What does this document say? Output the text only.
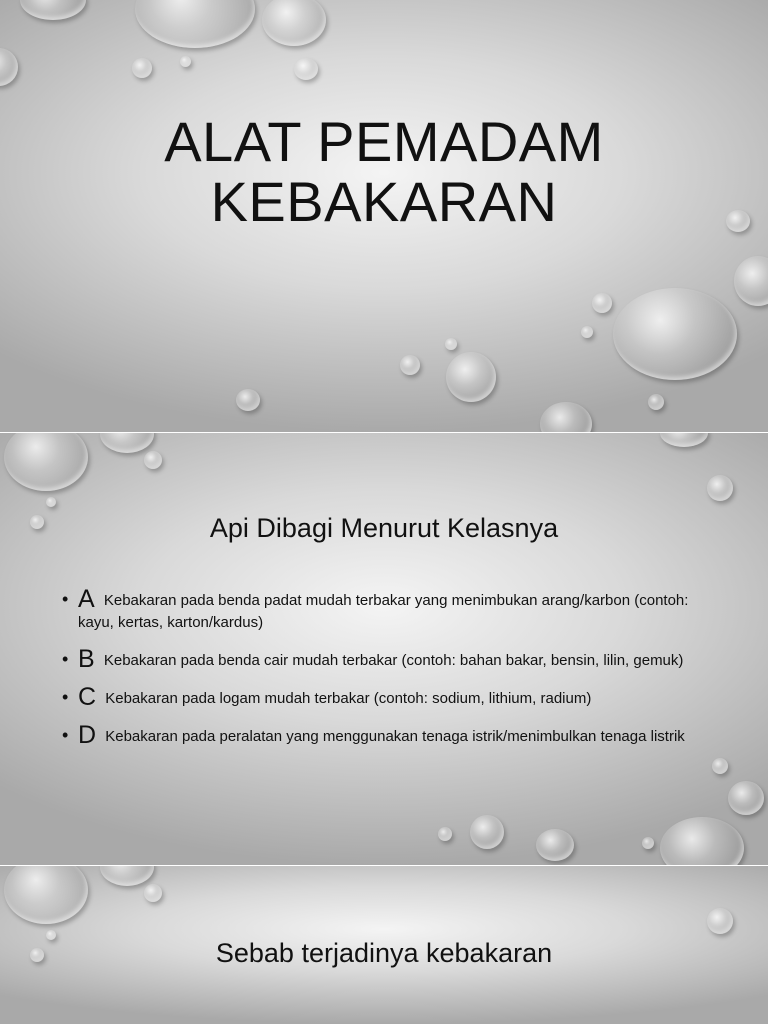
ALAT PEMADAM
KEBAKARAN
Api Dibagi Menurut Kelasnya
• A Kebakaran pada benda padat mudah terbakar yang menimbukan arang/karbon (contoh: kayu, kertas, karton/kardus)
• B Kebakaran pada benda cair mudah terbakar (contoh: bahan bakar, bensin, lilin, gemuk)
• C Kebakaran pada logam mudah terbakar (contoh: sodium, lithium, radium)
• D Kebakaran pada peralatan yang menggunakan tenaga istrik/menimbulkan tenaga listrik
Sebab terjadinya kebakaran
